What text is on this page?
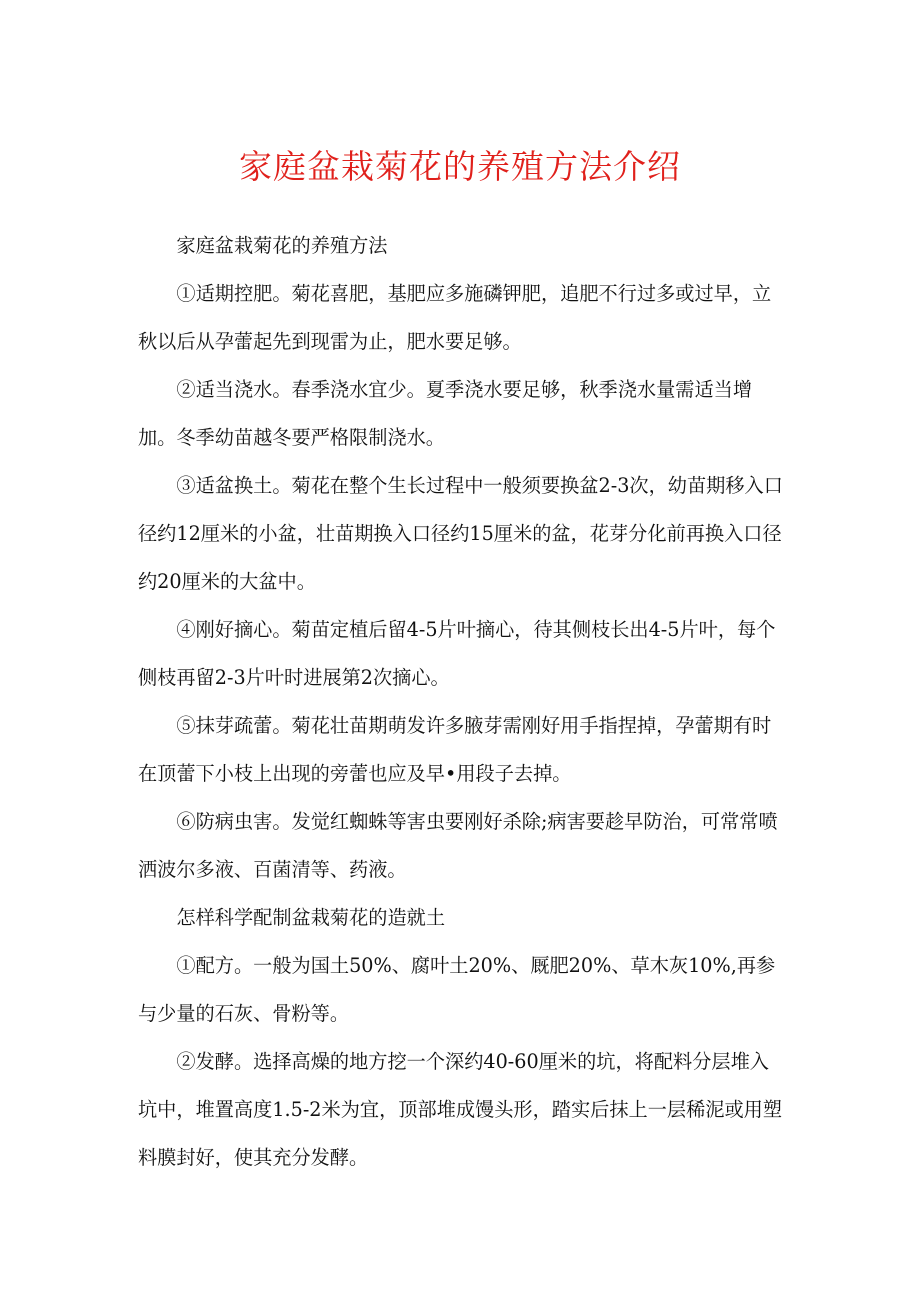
家庭盆栽菊花的养殖方法介绍

家庭盆栽菊花的养殖方法

①适期控肥。菊花喜肥，基肥应多施磷钾肥，追肥不行过多或过早，立秋以后从孕蕾起先到现雷为止，肥水要足够。

②适当浇水。春季浇水宜少。夏季浇水要足够，秋季浇水量需适当增加。冬季幼苗越冬要严格限制浇水。

③适盆换土。菊花在整个生长过程中一般须要换盆2-3次，幼苗期移入口径约12厘米的小盆，壮苗期换入口径约15厘米的盆，花芽分化前再换入口径约20厘米的大盆中。

④刚好摘心。菊苗定植后留4-5片叶摘心，待其侧枝长出4-5片叶，每个侧枝再留2-3片叶时进展第2次摘心。

⑤抹芽疏蕾。菊花壮苗期萌发许多腋芽需刚好用手指捏掉，孕蕾期有时在顶蕾下小枝上出现的旁蕾也应及早•用段子去掉。

⑥防病虫害。发觉红蜘蛛等害虫要刚好杀除;病害要趁早防治，可常常喷洒波尔多液、百菌清等、药液。

怎样科学配制盆栽菊花的造就土

①配方。一般为国土50%、腐叶土20%、厩肥20%、草木灰10%,再参与少量的石灰、骨粉等。

②发酵。选择高燥的地方挖一个深约40-60厘米的坑，将配料分层堆入坑中，堆置高度1.5-2米为宜，顶部堆成馒头形，踏实后抹上一层稀泥或用塑料膜封好，使其充分发酵。
